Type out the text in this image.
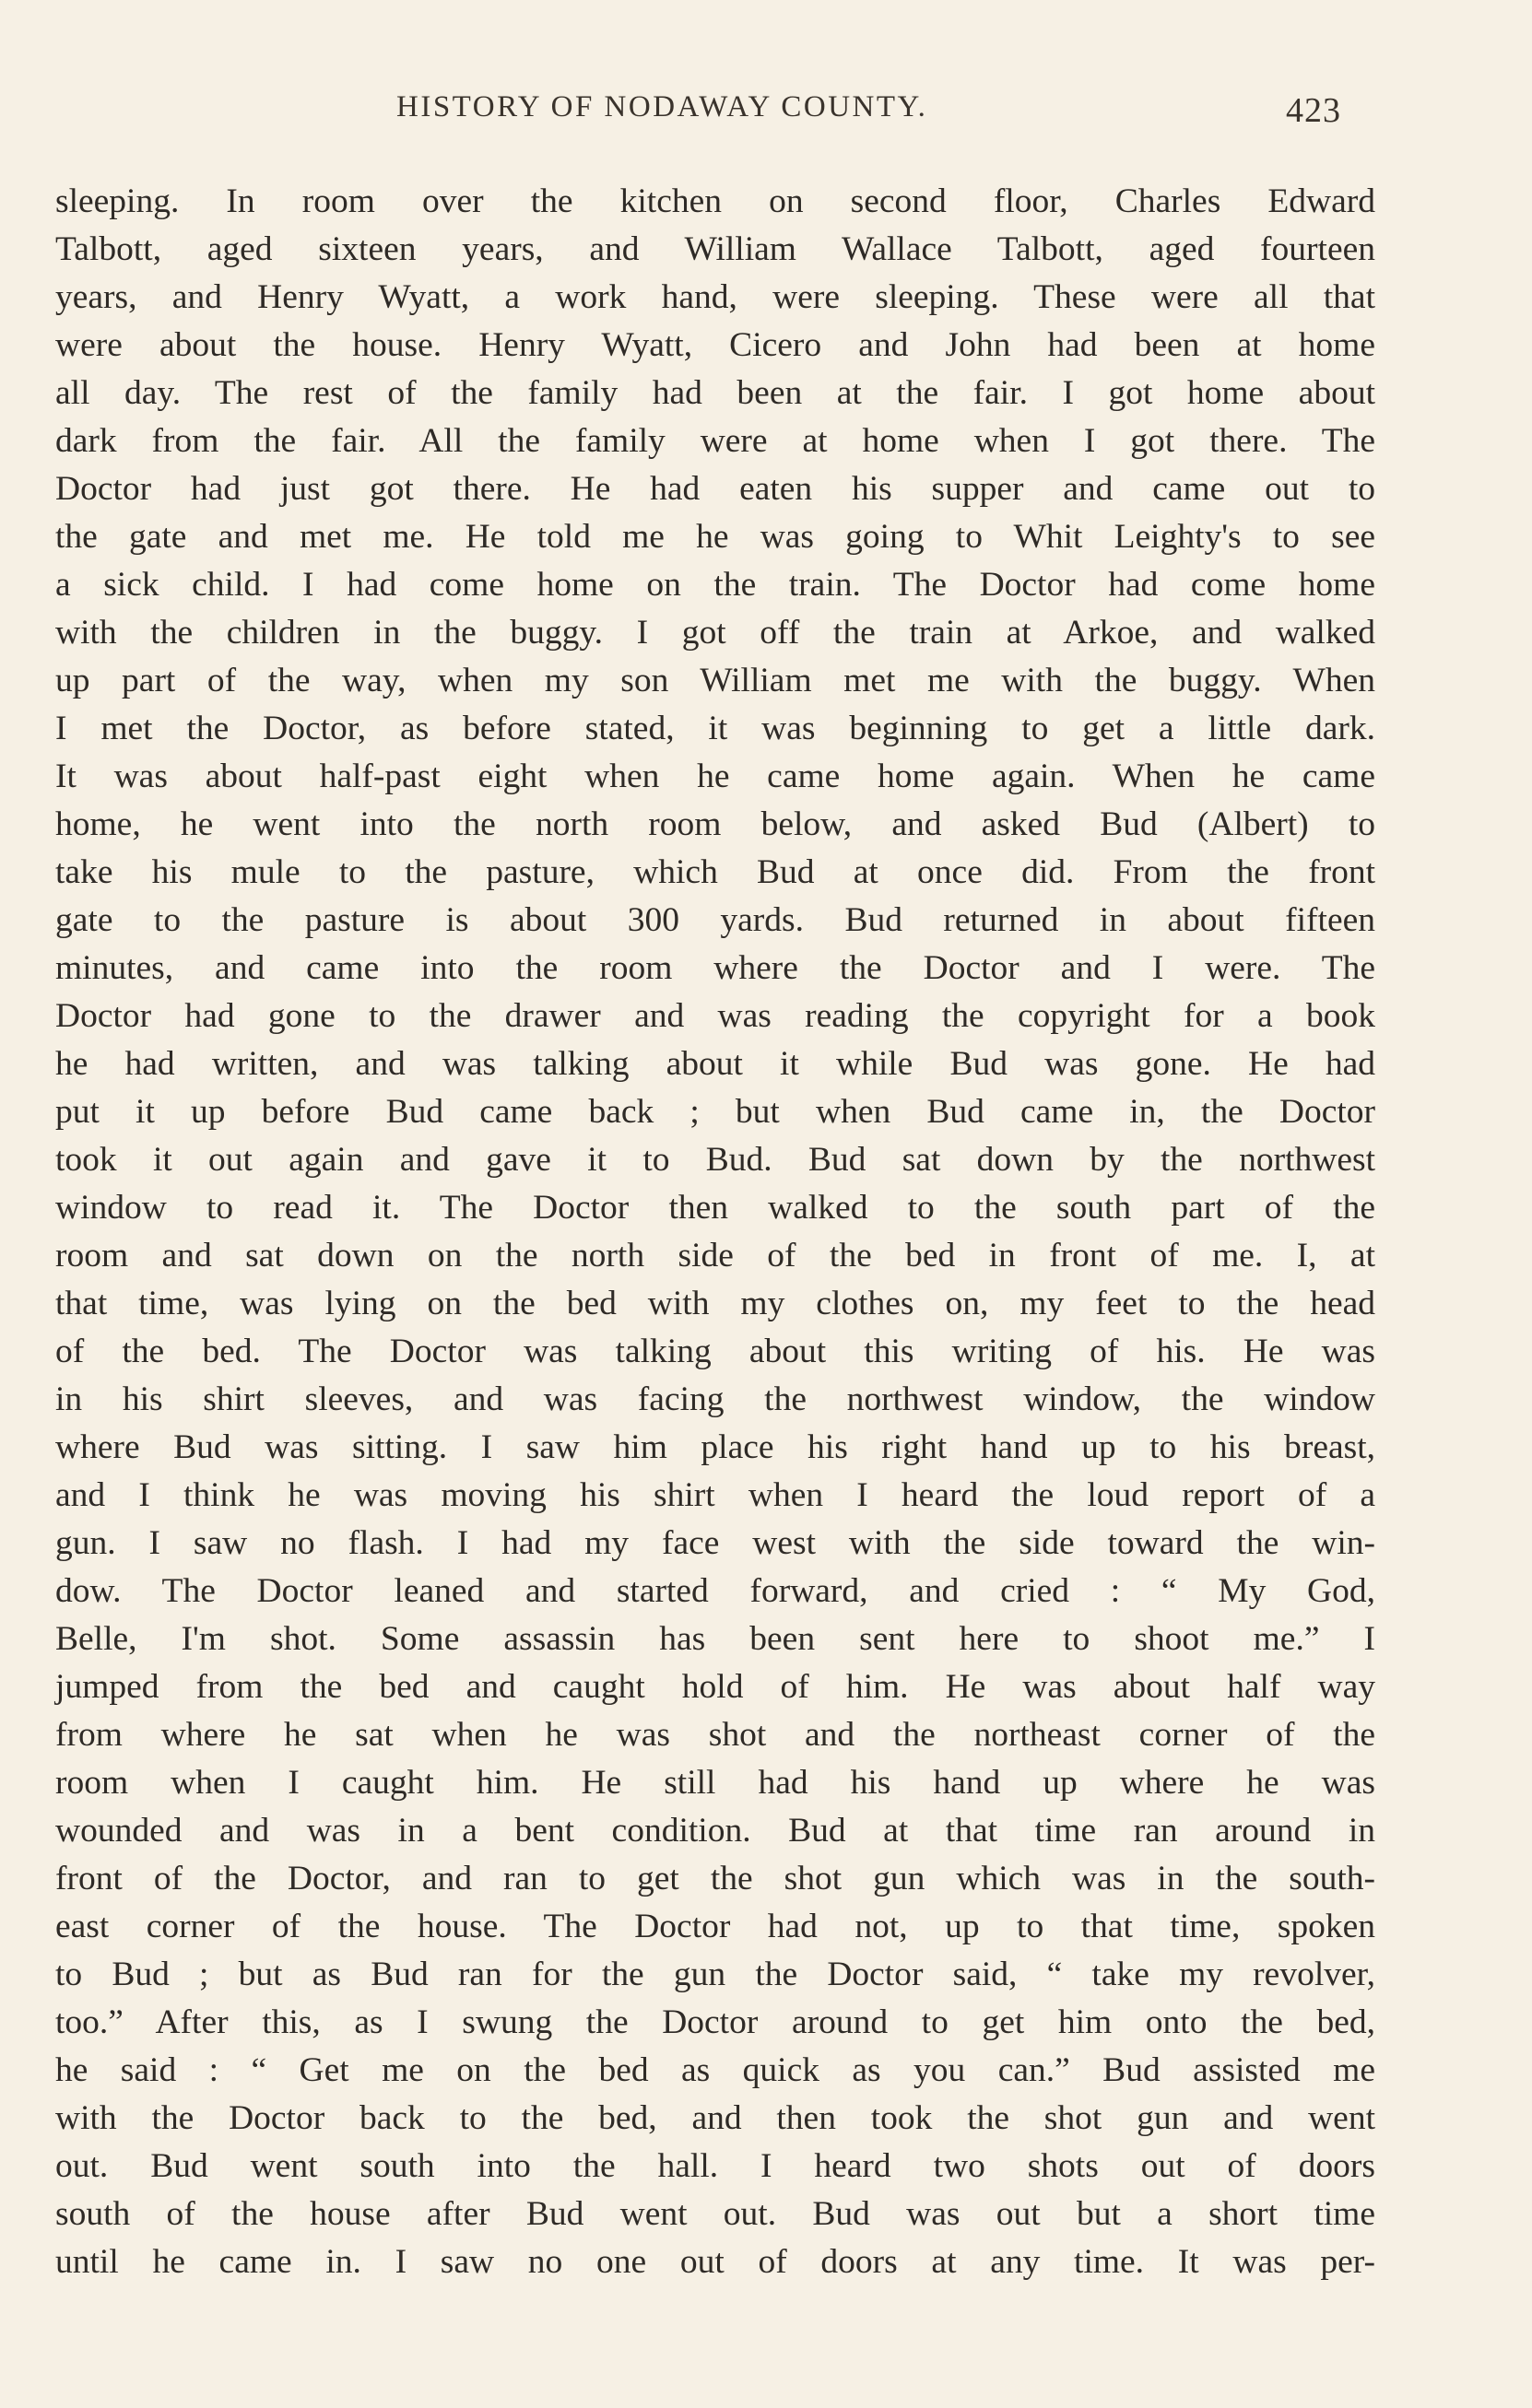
HISTORY OF NODAWAY COUNTY.	423
sleeping. In room over the kitchen on second floor, Charles Edward
Talbott, aged sixteen years, and William Wallace Talbott, aged fourteen
years, and Henry Wyatt, a work hand, were sleeping. These were all that
were about the house. Henry Wyatt, Cicero and John had been at home
all day. The rest of the family had been at the fair. I got home about
dark from the fair. All the family were at home when I got there. The
Doctor had just got there. He had eaten his supper and came out to
the gate and met me. He told me he was going to Whit Leighty's to see
a sick child. I had come home on the train. The Doctor had come home
with the children in the buggy. I got off the train at Arkoe, and walked
up part of the way, when my son William met me with the buggy. When
I met the Doctor, as before stated, it was beginning to get a little dark.
It was about half-past eight when he came home again. When he came
home, he went into the north room below, and asked Bud (Albert) to
take his mule to the pasture, which Bud at once did. From the front
gate to the pasture is about 300 yards. Bud returned in about fifteen
minutes, and came into the room where the Doctor and I were. The
Doctor had gone to the drawer and was reading the copyright for a book
he had written, and was talking about it while Bud was gone. He had
put it up before Bud came back ; but when Bud came in, the Doctor
took it out again and gave it to Bud. Bud sat down by the northwest
window to read it. The Doctor then walked to the south part of the
room and sat down on the north side of the bed in front of me. I, at
that time, was lying on the bed with my clothes on, my feet to the head
of the bed. The Doctor was talking about this writing of his. He was
in his shirt sleeves, and was facing the northwest window, the window
where Bud was sitting. I saw him place his right hand up to his breast,
and I think he was moving his shirt when I heard the loud report of a
gun. I saw no flash. I had my face west with the side toward the win-
dow. The Doctor leaned and started forward, and cried : “ My God,
Belle, I'm shot. Some assassin has been sent here to shoot me.” I
jumped from the bed and caught hold of him. He was about half way
from where he sat when he was shot and the northeast corner of the
room when I caught him. He still had his hand up where he was
wounded and was in a bent condition. Bud at that time ran around in
front of the Doctor, and ran to get the shot gun which was in the south-
east corner of the house. The Doctor had not, up to that time, spoken
to Bud ; but as Bud ran for the gun the Doctor said, “ take my revolver,
too.” After this, as I swung the Doctor around to get him onto the bed,
he said : “ Get me on the bed as quick as you can.” Bud assisted me
with the Doctor back to the bed, and then took the shot gun and went
out. Bud went south into the hall. I heard two shots out of doors
south of the house after Bud went out. Bud was out but a short time
until he came in. I saw no one out of doors at any time. It was per-
